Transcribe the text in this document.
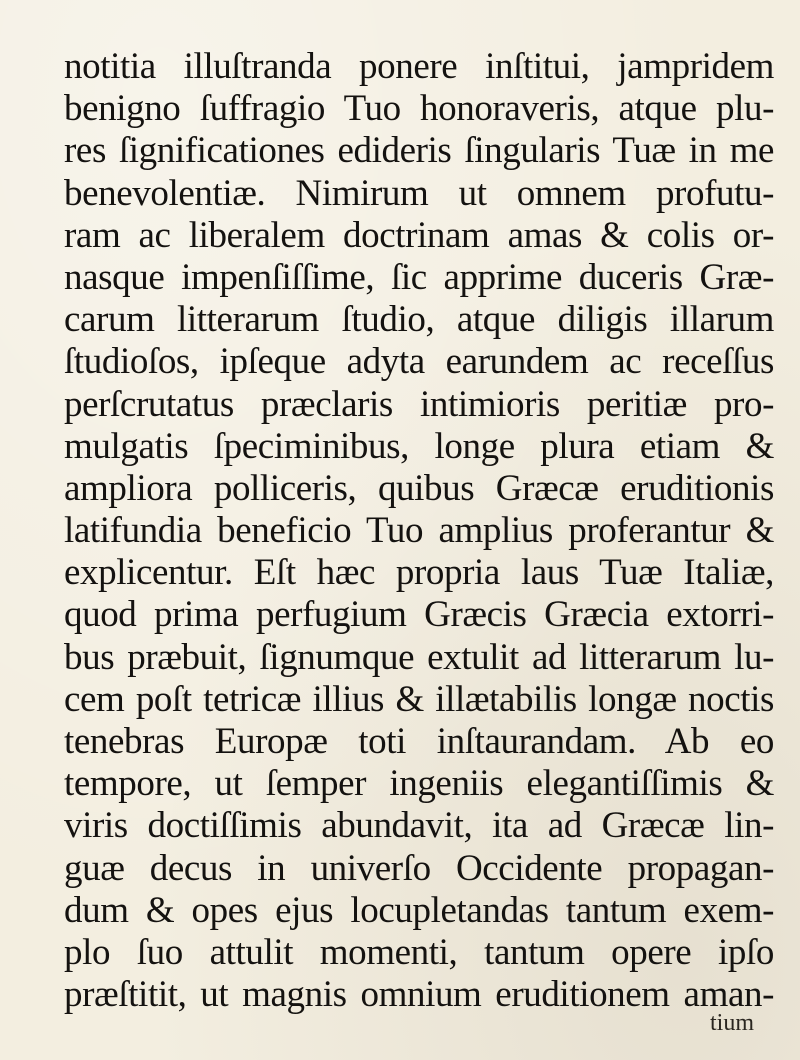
notitia illuſtranda ponere inſtitui, jampridem
benigno ſuffragio Tuo honoraveris, atque plu-
res ſignificationes edideris ſingularis Tuæ in me
benevolentiæ. Nimirum ut omnem profutu-
ram ac liberalem doctrinam amas & colis or-
nasque impenſiſſime, ſic apprime duceris Græ-
carum litterarum ſtudio, atque diligis illarum
ſtudioſos, ipſeque adyta earundem ac receſſus
perſcrutatus præclaris intimioris peritiæ pro-
mulgatis ſpeciminibus, longe plura etiam &
ampliora polliceris, quibus Græcæ eruditionis
latifundia beneficio Tuo amplius proferantur &
explicentur. Eſt hæc propria laus Tuæ Italiæ,
quod prima perfugium Græcis Græcia extorri-
bus præbuit, ſignumque extulit ad litterarum lu-
cem poſt tetricæ illius & illætabilis longæ noctis
tenebras Europæ toti inſtaurandam. Ab eo
tempore, ut ſemper ingeniis elegantiſſimis &
viris doctiſſimis abundavit, ita ad Græcæ lin-
guæ decus in univerſo Occidente propagan-
dum & opes ejus locupletandas tantum exem-
plo ſuo attulit momenti, tantum opere ipſo
præſtitit, ut magnis omnium eruditionem aman-
tium
